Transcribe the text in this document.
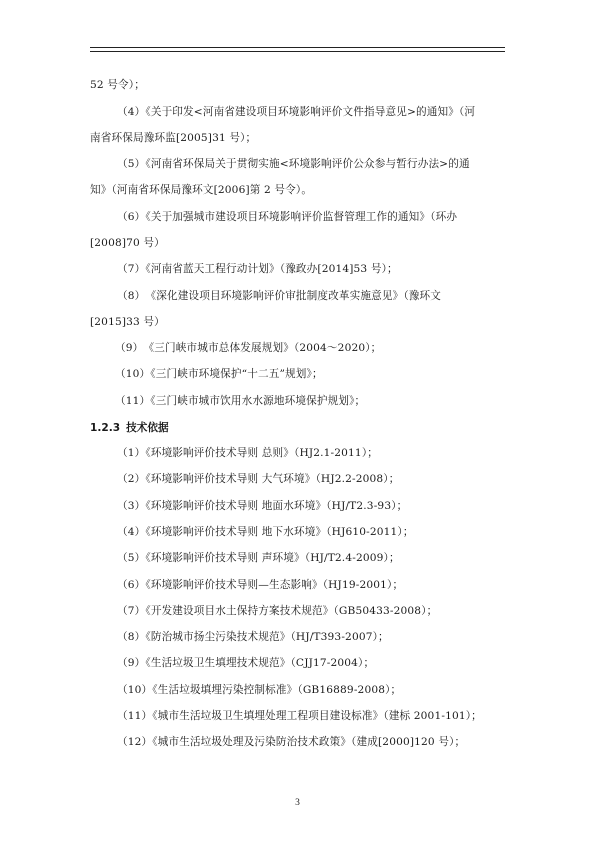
52 号令）；
（4）《关于印发<河南省建设项目环境影响评价文件指导意见>的通知》（河
南省环保局豫环监[2005]31 号）；
（5）《河南省环保局关于贯彻实施<环境影响评价公众参与暂行办法>的通
知》（河南省环保局豫环文[2006]第 2 号令）。
（6）《关于加强城市建设项目环境影响评价监督管理工作的通知》（环办
[2008]70 号）
（7）《河南省蓝天工程行动计划》（豫政办[2014]53 号）；
（8）　《深化建设项目环境影响评价审批制度改革实施意见》（豫环文
[2015]33 号）
（9）　《三门峡市城市总体发展规划》（2004～2020）；
（10）《三门峡市环境保护“十二五”规划》；
（11）《三门峡市城市饮用水水源地环境保护规划》；
1.2.3 技术依据
（1）《环境影响评价技术导则 总则》（HJ2.1-2011）；
（2）《环境影响评价技术导则 大气环境》（HJ2.2-2008）；
（3）《环境影响评价技术导则 地面水环境》（HJ/T2.3-93）；
（4）《环境影响评价技术导则 地下水环境》（HJ610-2011）；
（5）《环境影响评价技术导则 声环境》（HJ/T2.4-2009）；
（6）《环境影响评价技术导则—生态影响》（HJ19-2001）；
（7）《开发建设项目水土保持方案技术规范》（GB50433-2008）；
（8）《防治城市扬尘污染技术规范》（HJ/T393-2007）；
（9）《生活垃圾卫生填埋技术规范》（CJJ17-2004）；
（10）《生活垃圾填埋污染控制标准》（GB16889-2008）；
（11）《城市生活垃圾卫生填埋处理工程项目建设标准》（建标 2001-101）；
（12）《城市生活垃圾处理及污染防治技术政策》（建成[2000]120 号）；
3
